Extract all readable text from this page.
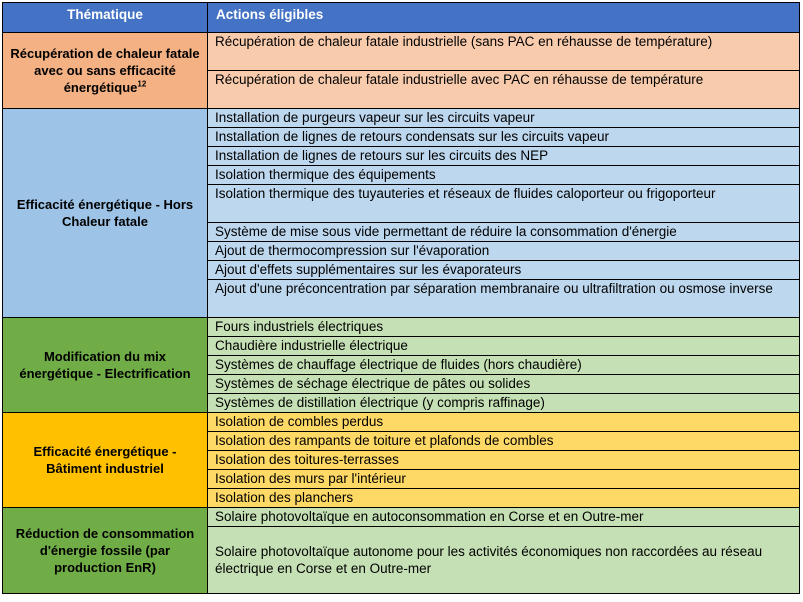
Thématique	Actions éligibles
Récupération de chaleur fatale avec ou sans efficacité énergétique$^{12}$	Récupération de chaleur fatale industrielle (sans PAC en réhausse de température)
	Récupération de chaleur fatale industrielle avec PAC en réhausse de température
Efficacité énergétique - Hors Chaleur fatale	Installation de purgeurs vapeur sur les circuits vapeur
	Installation de lignes de retours condensats sur les circuits vapeur
	Installation de lignes de retours sur les circuits des NEP
	Isolation thermique des équipements
	Isolation thermique des tuyauteries et réseaux de fluides caloporteur ou frigoporteur
	Système de mise sous vide permettant de réduire la consommation d'énergie
	Ajout de thermocompression sur l'évaporation
	Ajout d'effets supplémentaires sur les évaporateurs
	Ajout d'une préconcentration par séparation membranaire ou ultrafiltration ou osmose inverse
Modification du mix énergétique - Electrification	Fours industriels électriques
	Chaudière industrielle électrique
	Systèmes de chauffage électrique de fluides (hors chaudière)
	Systèmes de séchage électrique de pâtes ou solides
	Systèmes de distillation électrique (y compris raffinage)
Efficacité énergétique - Bâtiment industriel	Isolation de combles perdus
	Isolation des rampants de toiture et plafonds de combles
	Isolation des toitures-terrasses
	Isolation des murs par l'intérieur
	Isolation des planchers
Réduction de consommation d'énergie fossile (par production EnR)	Solaire photovoltaïque en autoconsommation en Corse et en Outre-mer
	Solaire photovoltaïque autonome pour les activités économiques non raccordées au réseau électrique en Corse et en Outre-mer
